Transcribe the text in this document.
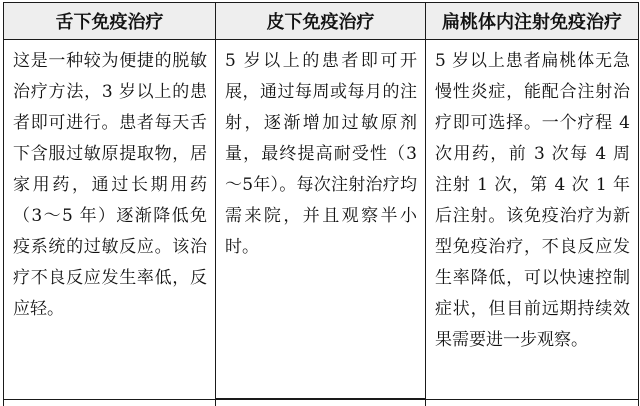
舌下免疫治疗	皮下免疫治疗	扁桃体内注射免疫治疗
这是一种较为便捷的脱敏治疗方法，3 岁以上的患者即可进行。患者每天舌下含服过敏原提取物，居家用药，通过长期用药（3～5 年）逐渐降低免疫系统的过敏反应。该治疗不良反应发生率低，反应轻。	5 岁以上的患者即可开展，通过每周或每月的注射，逐渐增加过敏原剂量，最终提高耐受性（3～5年）。每次注射治疗均需来院，并且观察半小时。	5 岁以上患者扁桃体无急慢性炎症，能配合注射治疗即可选择。一个疗程 4 次用药，前 3 次每 4 周注射 1 次，第 4 次 1 年后注射。该免疫治疗为新型免疫治疗，不良反应发生率降低，可以快速控制症状，但目前远期持续效果需要进一步观察。
